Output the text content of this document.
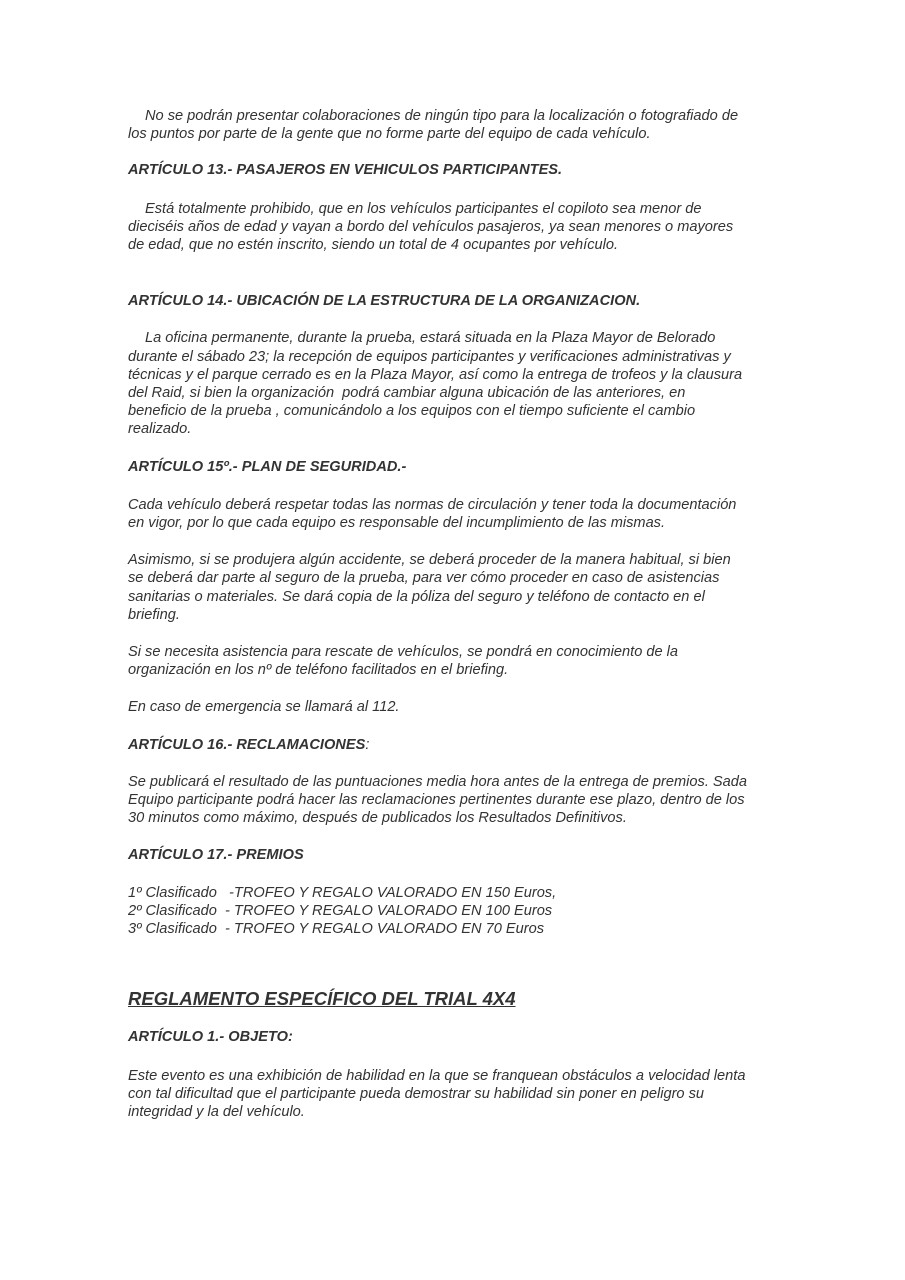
No se podrán presentar colaboraciones de ningún tipo para la localización o fotografiado de
los puntos por parte de la gente que no forme parte del equipo de cada vehículo.

ARTÍCULO 13.- PASAJEROS EN VEHICULOS PARTICIPANTES.

Está totalmente prohibido, que en los vehículos participantes el copiloto sea menor de
dieciséis años de edad y vayan a bordo del vehículos pasajeros, ya sean menores o mayores
de edad, que no estén inscrito, siendo un total de 4 ocupantes por vehículo.

ARTÍCULO 14.- UBICACIÓN DE LA ESTRUCTURA DE LA ORGANIZACION.

La oficina permanente, durante la prueba, estará situada en la Plaza Mayor de Belorado
durante el sábado 23; la recepción de equipos participantes y verificaciones administrativas y
técnicas y el parque cerrado es en la Plaza Mayor, así como la entrega de trofeos y la clausura
del Raid, si bien la organización  podrá cambiar alguna ubicación de las anteriores, en
beneficio de la prueba , comunicándolo a los equipos con el tiempo suficiente el cambio
realizado.

ARTÍCULO 15º.- PLAN DE SEGURIDAD.-

Cada vehículo deberá respetar todas las normas de circulación y tener toda la documentación
en vigor, por lo que cada equipo es responsable del incumplimiento de las mismas.

Asimismo, si se produjera algún accidente, se deberá proceder de la manera habitual, si bien
se deberá dar parte al seguro de la prueba, para ver cómo proceder en caso de asistencias
sanitarias o materiales. Se dará copia de la póliza del seguro y teléfono de contacto en el
briefing.

Si se necesita asistencia para rescate de vehículos, se pondrá en conocimiento de la
organización en los nº de teléfono facilitados en el briefing.

En caso de emergencia se llamará al 112.

ARTÍCULO 16.- RECLAMACIONES:

Se publicará el resultado de las puntuaciones media hora antes de la entrega de premios. Sada
Equipo participante podrá hacer las reclamaciones pertinentes durante ese plazo, dentro de los
30 minutos como máximo, después de publicados los Resultados Definitivos.

ARTÍCULO 17.- PREMIOS

1º Clasificado   -TROFEO Y REGALO VALORADO EN 150 Euros,
2º Clasificado  - TROFEO Y REGALO VALORADO EN 100 Euros
3º Clasificado  - TROFEO Y REGALO VALORADO EN 70 Euros

REGLAMENTO ESPECÍFICO DEL TRIAL 4X4

ARTÍCULO 1.- OBJETO:

Este evento es una exhibición de habilidad en la que se franquean obstáculos a velocidad lenta
con tal dificultad que el participante pueda demostrar su habilidad sin poner en peligro su
integridad y la del vehículo.
